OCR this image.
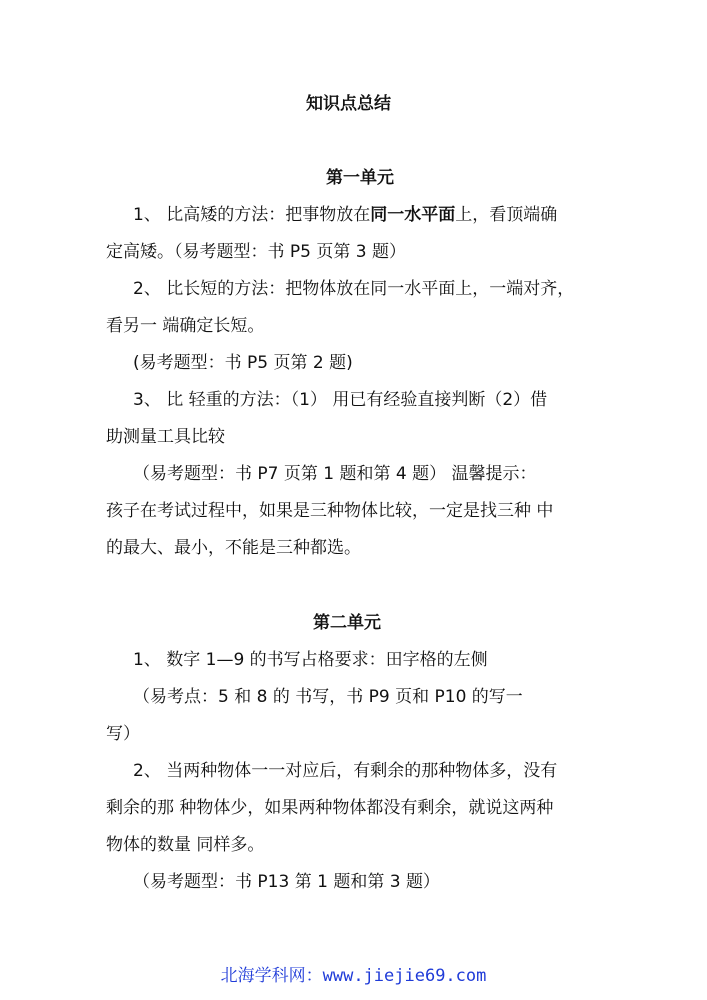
知识点总结
第一单元
1、 比高矮的方法：把事物放在同一水平面上，看顶端确
定高矮。（易考题型：书 P5 页第 3 题）
2、 比长短的方法：把物体放在同一水平面上，一端对齐，
看另一 端确定长短。
(易考题型：书 P5 页第 2 题)
3、 比 轻重的方法：（1） 用已有经验直接判断（2）借
助测量工具比较
（易考题型：书 P7 页第 1 题和第 4 题） 温馨提示：
孩子在考试过程中，如果是三种物体比较，一定是找三种 中
的最大、最小，不能是三种都选。
第二单元
1、 数字 1—9 的书写占格要求：田字格的左侧
（易考点：5 和 8 的 书写，书 P9 页和 P10 的写一
写）
2、 当两种物体一一对应后，有剩余的那种物体多，没有
剩余的那 种物体少，如果两种物体都没有剩余，就说这两种
物体的数量 同样多。
（易考题型：书 P13 第 1 题和第 3 题）
北海学科网：www.jiejie69.com
